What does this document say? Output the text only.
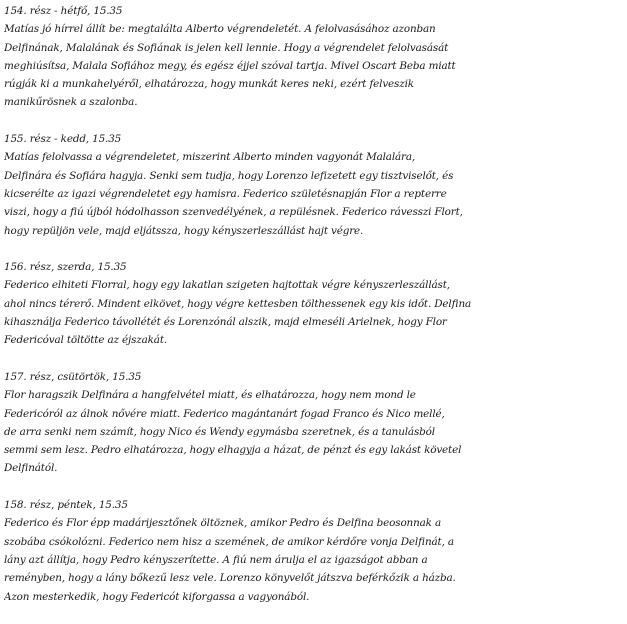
154. rész - hétfő, 15.35
Matías jó hírrel állít be: megtalálta Alberto végrendeletét. A felolvasásához azonban
Delfinának, Malalának és Sofiának is jelen kell lennie. Hogy a végrendelet felolvasását
meghiúsítsa, Malala Sofiához megy, és egész éjjel szóval tartja. Mivel Oscart Beba miatt
rúgják ki a munkahelyéről, elhatározza, hogy munkát keres neki, ezért felveszik
manikűrösnek a szalonba.
155. rész - kedd, 15.35
Matías felolvassa a végrendeletet, miszerint Alberto minden vagyonát Malalára,
Delfinára és Sofiára hagyja. Senki sem tudja, hogy Lorenzo lefizetett egy tisztviselőt, és
kicserélte az igazi végrendeletet egy hamisra. Federico születésnapján Flor a repterre
viszi, hogy a fiú újból hódolhasson szenvedélyének, a repülésnek. Federico rávesszi Flort,
hogy repüljön vele, majd eljátssza, hogy kényszerleszállást hajt végre.
156. rész, szerda, 15.35
Federico elhiteti Florral, hogy egy lakatlan szigeten hajtottak végre kényszerleszállást,
ahol nincs térerő. Mindent elkövet, hogy végre kettesben tölthessenek egy kis időt. Delfina
kihasználja Federico távollétét és Lorenzónál alszik, majd elmeséli Arielnek, hogy Flor
Federicóval töltötte az éjszakát.
157. rész, csütörtök, 15.35
Flor haragszik Delfinára a hangfelvétel miatt, és elhatározza, hogy nem mond le
Federicóról az álnok nővére miatt. Federico magántanárt fogad Franco és Nico mellé,
de arra senki nem számít, hogy Nico és Wendy egymásba szeretnek, és a tanulásból
semmi sem lesz. Pedro elhatározza, hogy elhagyja a házat, de pénzt és egy lakást követel
Delfinától.
158. rész, péntek, 15.35
Federico és Flor épp madárijesztőnek öltöznek, amikor Pedro és Delfina beosonnak a
szobába csókolózni. Federico nem hisz a szemének, de amikor kérdőre vonja Delfinát, a
lány azt állítja, hogy Pedro kényszerítette. A fiú nem árulja el az igazságot abban a
reményben, hogy a lány bőkezű lesz vele. Lorenzo könyvelőt játszva beférkőzik a házba.
Azon mesterkedik, hogy Federicót kiforgassa a vagyonából.
